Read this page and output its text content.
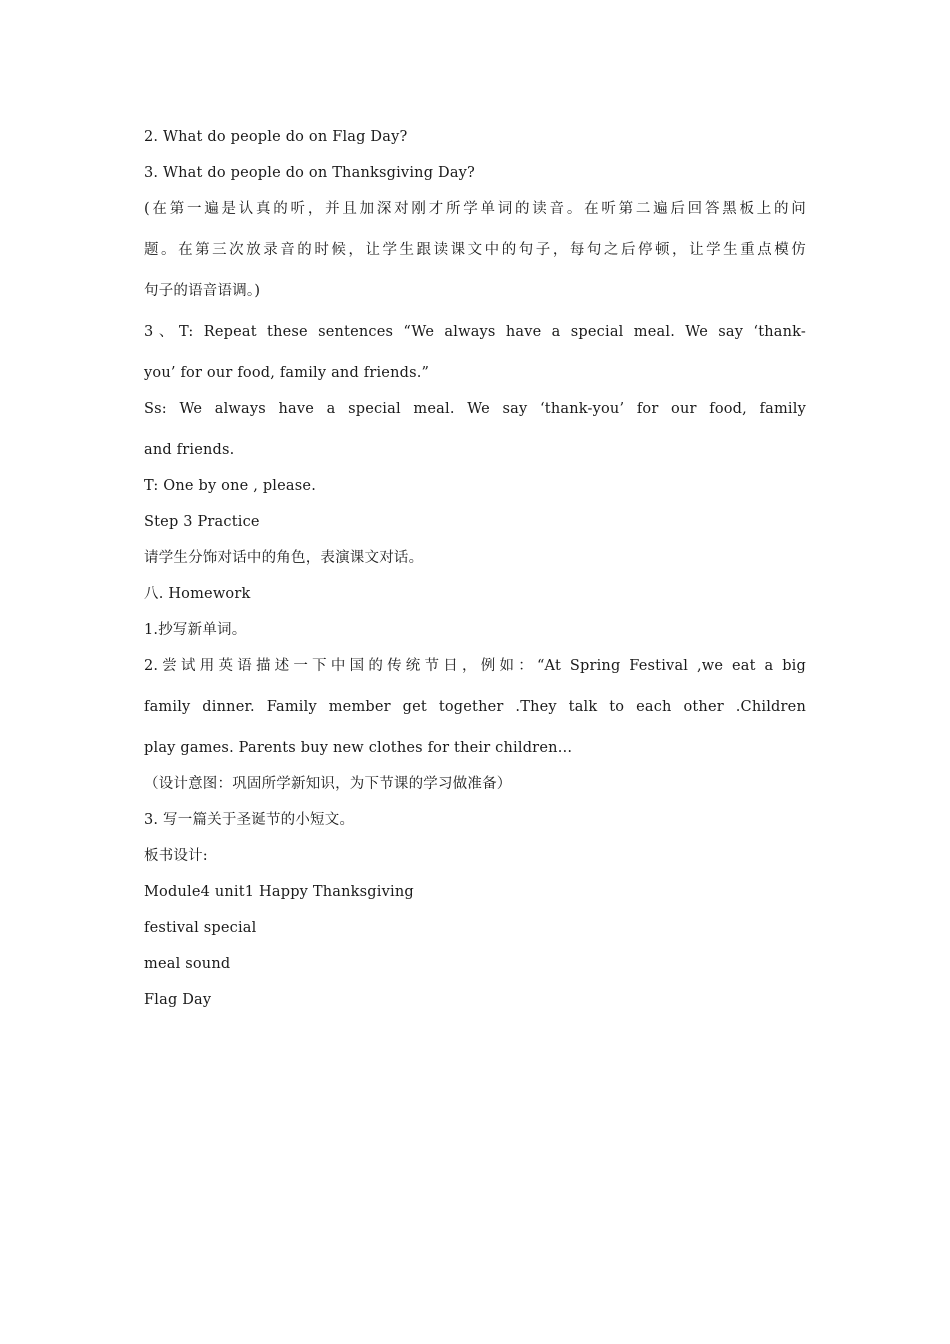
2. What do people do on Flag Day?

3. What do people do on Thanksgiving Day?

(在第一遍是认真的听，并且加深对刚才所学单词的读音。在听第二遍后回答黑板上的问

题。在第三次放录音的时候，让学生跟读课文中的句子，每句之后停顿，让学生重点模仿

句子的语音语调。)

3、T: Repeat these sentences “We always have a special meal. We say ‘thank-

you’ for our food, family and friends.”

Ss: We always have a special meal. We say ‘thank-you’ for our food, family

and friends.

T: One by one , please.

Step 3 Practice

请学生分饰对话中的角色，表演课文对话。

八. Homework

1.抄写新单词。

2.尝试用英语描述一下中国的传统节日，例如：“At Spring Festival ,we eat a big

family dinner. Family member get together .They talk to each other .Children

play games. Parents buy new clothes for their children…

（设计意图：巩固所学新知识，为下节课的学习做准备）

3. 写一篇关于圣诞节的小短文。

板书设计:

Module4 unit1 Happy Thanksgiving

festival special

meal sound

Flag Day
